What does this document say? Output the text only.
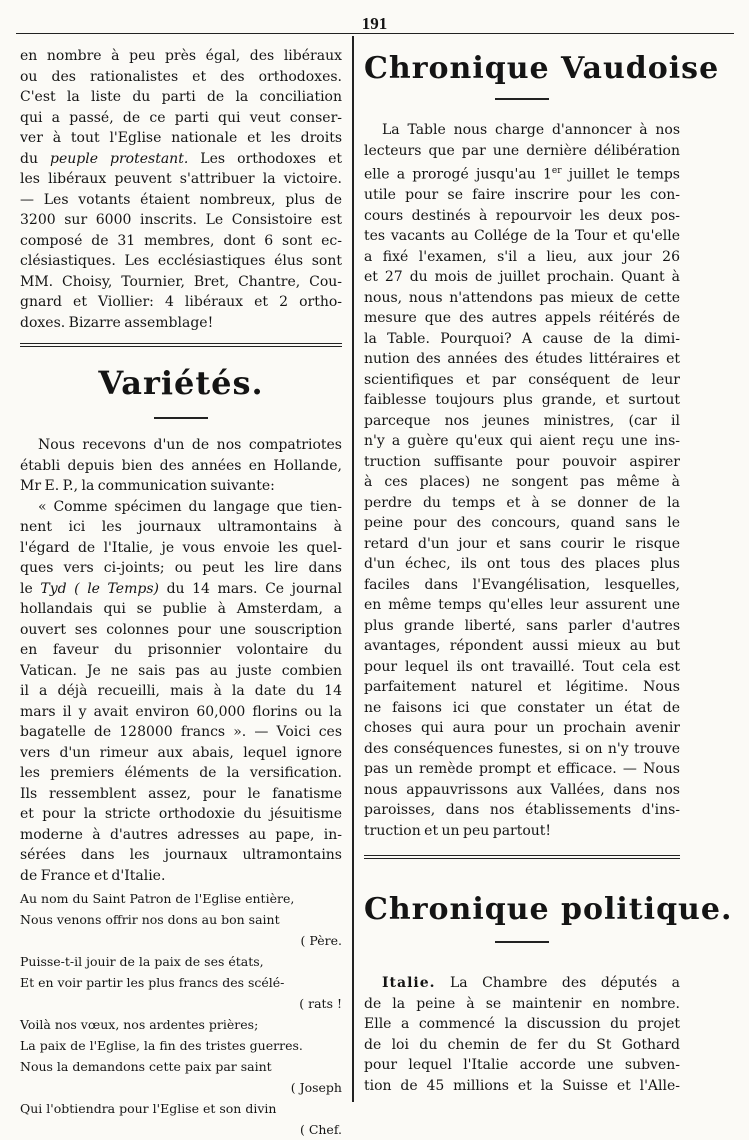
191

en nombre à peu près égal, des libéraux

ou des rationalistes et des orthodoxes.

C'est la liste du parti de la conciliation

qui a passé, de ce parti qui veut conser-

ver à tout l'Eglise nationale et les droits

du peuple protestant. Les orthodoxes et

les libéraux peuvent s'attribuer la victoire.

— Les votants étaient nombreux, plus de

3200 sur 6000 inscrits. Le Consistoire est

composé de 31 membres, dont 6 sont ec-

clésiastiques. Les ecclésiastiques élus sont

MM. Choisy, Tournier, Bret, Chantre, Cou-

gnard et Viollier: 4 libéraux et 2 ortho-

doxes. Bizarre assemblage!

Variétés.

Nous recevons d'un de nos compatriotes

établi depuis bien des années en Hollande,

Mr E. P., la communication suivante:

« Comme spécimen du langage que tien-

nent ici les journaux ultramontains à

l'égard de l'Italie, je vous envoie les quel-

ques vers ci-joints; ou peut les lire dans

le Tyd ( le Temps) du 14 mars. Ce journal

hollandais qui se publie à Amsterdam, a

ouvert ses colonnes pour une souscription

en faveur du prisonnier volontaire du

Vatican. Je ne sais pas au juste combien

il a déjà recueilli, mais à la date du 14

mars il y avait environ 60,000 florins ou la

bagatelle de 128000 francs ». — Voici ces

vers d'un rimeur aux abais, lequel ignore

les premiers éléments de la versification.

Ils ressemblent assez, pour le fanatisme

et pour la stricte orthodoxie du jésuitisme

moderne à d'autres adresses au pape, in-

sérées dans les journaux ultramontains

de France et d'Italie.

Au nom du Saint Patron de l'Eglise entière,
Nous venons offrir nos dons au bon saint
( Père.
Puisse-t-il jouir de la paix de ses états,
Et en voir partir les plus francs des scélé-
( rats !
Voilà nos vœux, nos ardentes prières;
La paix de l'Eglise, la fin des tristes guerres.
Nous la demandons cette paix par saint
( Joseph
Qui l'obtiendra pour l'Eglise et son divin
( Chef.
Chronique Vaudoise

La Table nous charge d'annoncer à nos

lecteurs que par une dernière délibération

elle a prorogé jusqu'au 1er juillet le temps

utile pour se faire inscrire pour les con-

cours destinés à repourvoir les deux pos-

tes vacants au Collége de la Tour et qu'elle

a fixé l'examen, s'il a lieu, aux jour 26

et 27 du mois de juillet prochain. Quant à

nous, nous n'attendons pas mieux de cette

mesure que des autres appels réitérés de

la Table. Pourquoi? A cause de la dimi-

nution des années des études littéraires et

scientifiques et par conséquent de leur

faiblesse toujours plus grande, et surtout

parceque nos jeunes ministres, (car il

n'y a guère qu'eux qui aient reçu une ins-

truction suffisante pour pouvoir aspirer

à ces places) ne songent pas même à

perdre du temps et à se donner de la

peine pour des concours, quand sans le

retard d'un jour et sans courir le risque

d'un échec, ils ont tous des places plus

faciles dans l'Evangélisation, lesquelles,

en même temps qu'elles leur assurent une

plus grande liberté, sans parler d'autres

avantages, répondent aussi mieux au but

pour lequel ils ont travaillé. Tout cela est

parfaitement naturel et légitime. Nous

ne faisons ici que constater un état de

choses qui aura pour un prochain avenir

des conséquences funestes, si on n'y trouve

pas un remède prompt et efficace. — Nous

nous appauvrissons aux Vallées, dans nos

paroisses, dans nos établissements d'ins-

truction et un peu partout!

Chronique politique.

Italie. La Chambre des députés a

de la peine à se maintenir en nombre.

Elle a commencé la discussion du projet

de loi du chemin de fer du St Gothard

pour lequel l'Italie accorde une subven-

tion de 45 millions et la Suisse et l'Alle-
